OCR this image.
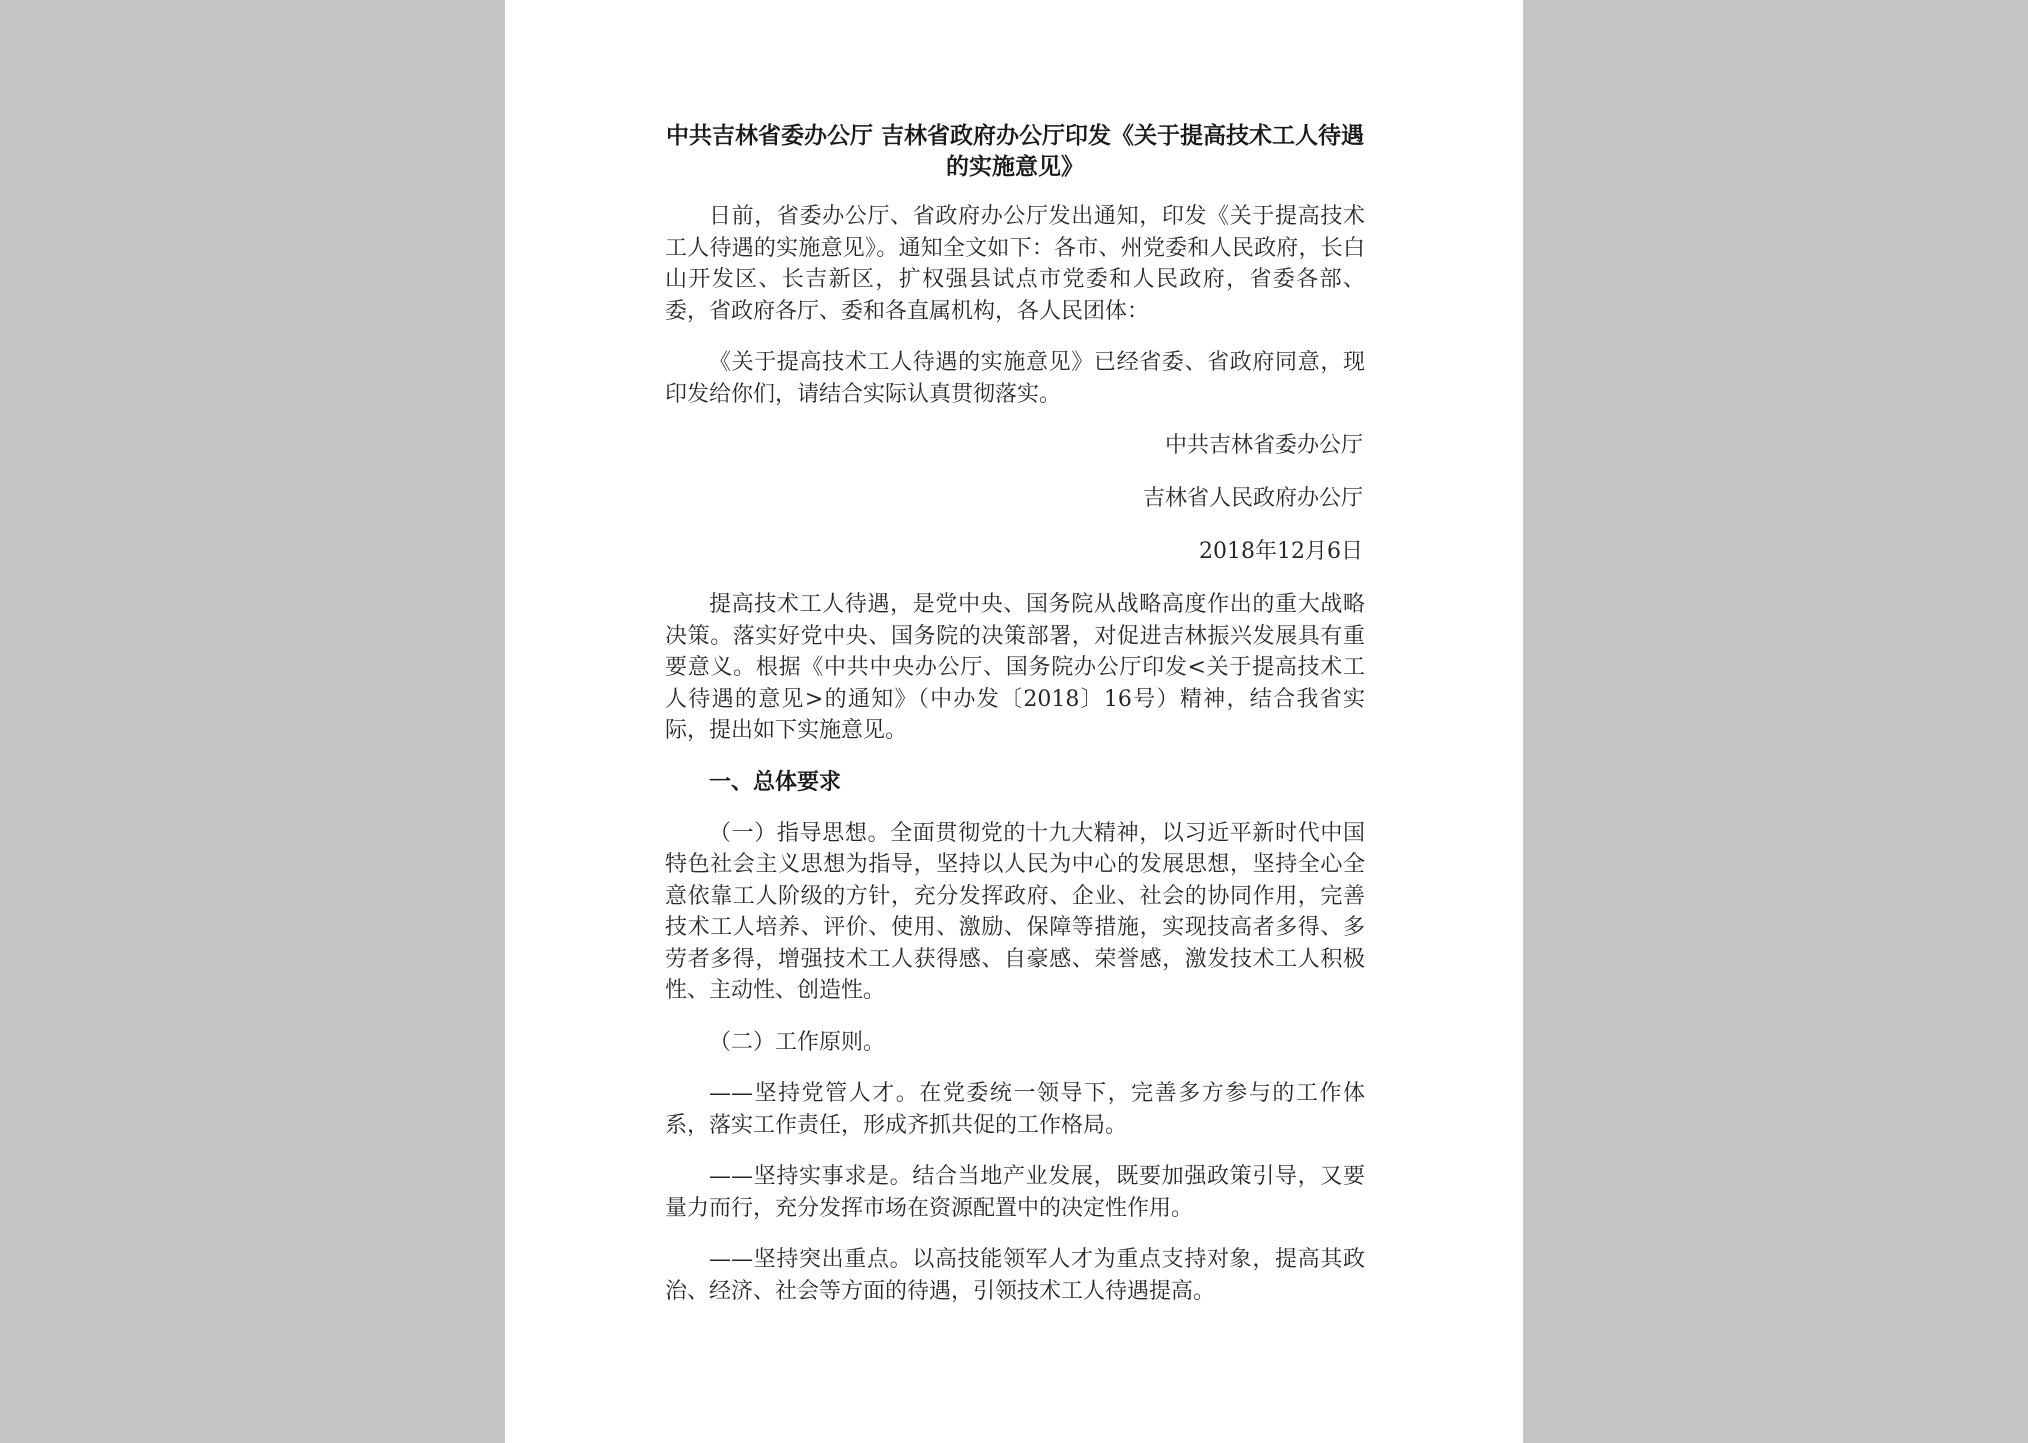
中共吉林省委办公厅 吉林省政府办公厅印发《关于提高技术工人待遇的实施意见》

日前，省委办公厅、省政府办公厅发出通知，印发《关于提高技术工人待遇的实施意见》。通知全文如下：各市、州党委和人民政府，长白山开发区、长吉新区，扩权强县试点市党委和人民政府，省委各部、委，省政府各厅、委和各直属机构，各人民团体：

《关于提高技术工人待遇的实施意见》已经省委、省政府同意，现印发给你们，请结合实际认真贯彻落实。

中共吉林省委办公厅

吉林省人民政府办公厅

2018年12月6日

提高技术工人待遇，是党中央、国务院从战略高度作出的重大战略决策。落实好党中央、国务院的决策部署，对促进吉林振兴发展具有重要意义。根据《中共中央办公厅、国务院办公厅印发<关于提高技术工人待遇的意见>的通知》（中办发〔2018〕16号）精神，结合我省实际，提出如下实施意见。

一、总体要求

（一）指导思想。全面贯彻党的十九大精神，以习近平新时代中国特色社会主义思想为指导，坚持以人民为中心的发展思想，坚持全心全意依靠工人阶级的方针，充分发挥政府、企业、社会的协同作用，完善技术工人培养、评价、使用、激励、保障等措施，实现技高者多得、多劳者多得，增强技术工人获得感、自豪感、荣誉感，激发技术工人积极性、主动性、创造性。

（二）工作原则。

——坚持党管人才。在党委统一领导下，完善多方参与的工作体系，落实工作责任，形成齐抓共促的工作格局。

——坚持实事求是。结合当地产业发展，既要加强政策引导，又要量力而行，充分发挥市场在资源配置中的决定性作用。

——坚持突出重点。以高技能领军人才为重点支持对象，提高其政治、经济、社会等方面的待遇，引领技术工人待遇提高。
